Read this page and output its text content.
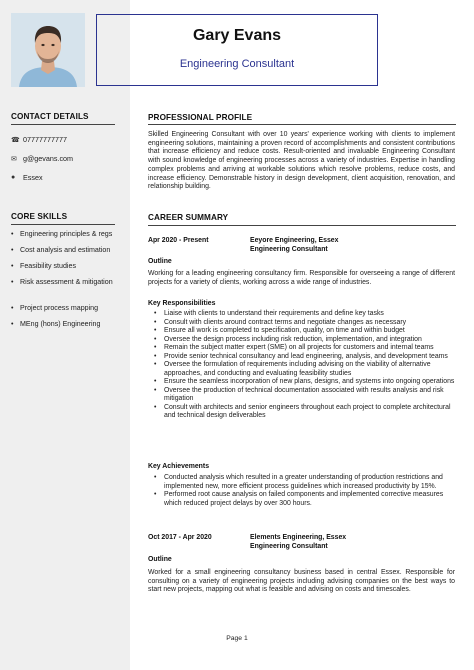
CONTACT DETAILS
☎ 07777777777
✉ g@gevans.com
●	Essex
CORE SKILLS
• Engineering principles & regs
• Cost analysis and estimation
• Feasibility studies
• Risk assessment & mitigation
• Project process mapping
• MEng (hons) Engineering
Gary Evans
Engineering Consultant
PROFESSIONAL PROFILE
Skilled Engineering Consultant with over 10 years' experience working with clients to implement engineering solutions, maintaining a proven record of accomplishments and consistent contributions that increase efficiency and reduce costs. Result-oriented and invaluable Engineering Consultant with sound knowledge of engineering processes across a variety of industries. Expertise in handling complex problems and arriving at workable solutions which resolve problems, reduce costs, and increase efficiency. Demonstrable history in design development, client acquisition, renovation, and relationship building.
CAREER SUMMARY
Apr 2020 - Present	Eeyore Engineering, Essex
Engineering Consultant
Outline
Working for a leading engineering consultancy firm. Responsible for overseeing a range of different projects for a variety of clients, working across a wide range of industries.
Key Responsibilities
• Liaise with clients to understand their requirements and define key tasks
• Consult with clients around contract terms and negotiate changes as necessary
• Ensure all work is completed to specification, quality, on time and within budget
• Oversee the design process including risk reduction, implementation, and integration
• Remain the subject matter expert (SME) on all projects for customers and internal teams
• Provide senior technical consultancy and lead engineering, analysis, and development teams
• Oversee the formulation of requirements including advising on the viability of alternative approaches, and conducting and evaluating feasibility studies
• Ensure the seamless incorporation of new plans, designs, and systems into ongoing operations
• Oversee the production of technical documentation associated with results analysis and risk mitigation
• Consult with architects and senior engineers throughout each project to complete architectural and technical design deliverables
Key Achievements
• Conducted analysis which resulted in a greater understanding of production restrictions and implemented new, more efficient process guidelines which increased productivity by 15%.
• Performed root cause analysis on failed components and implemented corrective measures which reduced project delays by over 300 hours.
Oct 2017 - Apr 2020	Elements Engineering, Essex
Engineering Consultant
Outline
Worked for a small engineering consultancy business based in central Essex. Responsible for consulting on a variety of engineering projects including advising companies on the best ways to start new projects, mapping out what is feasible and advising on costs and timescales.
Page 1
